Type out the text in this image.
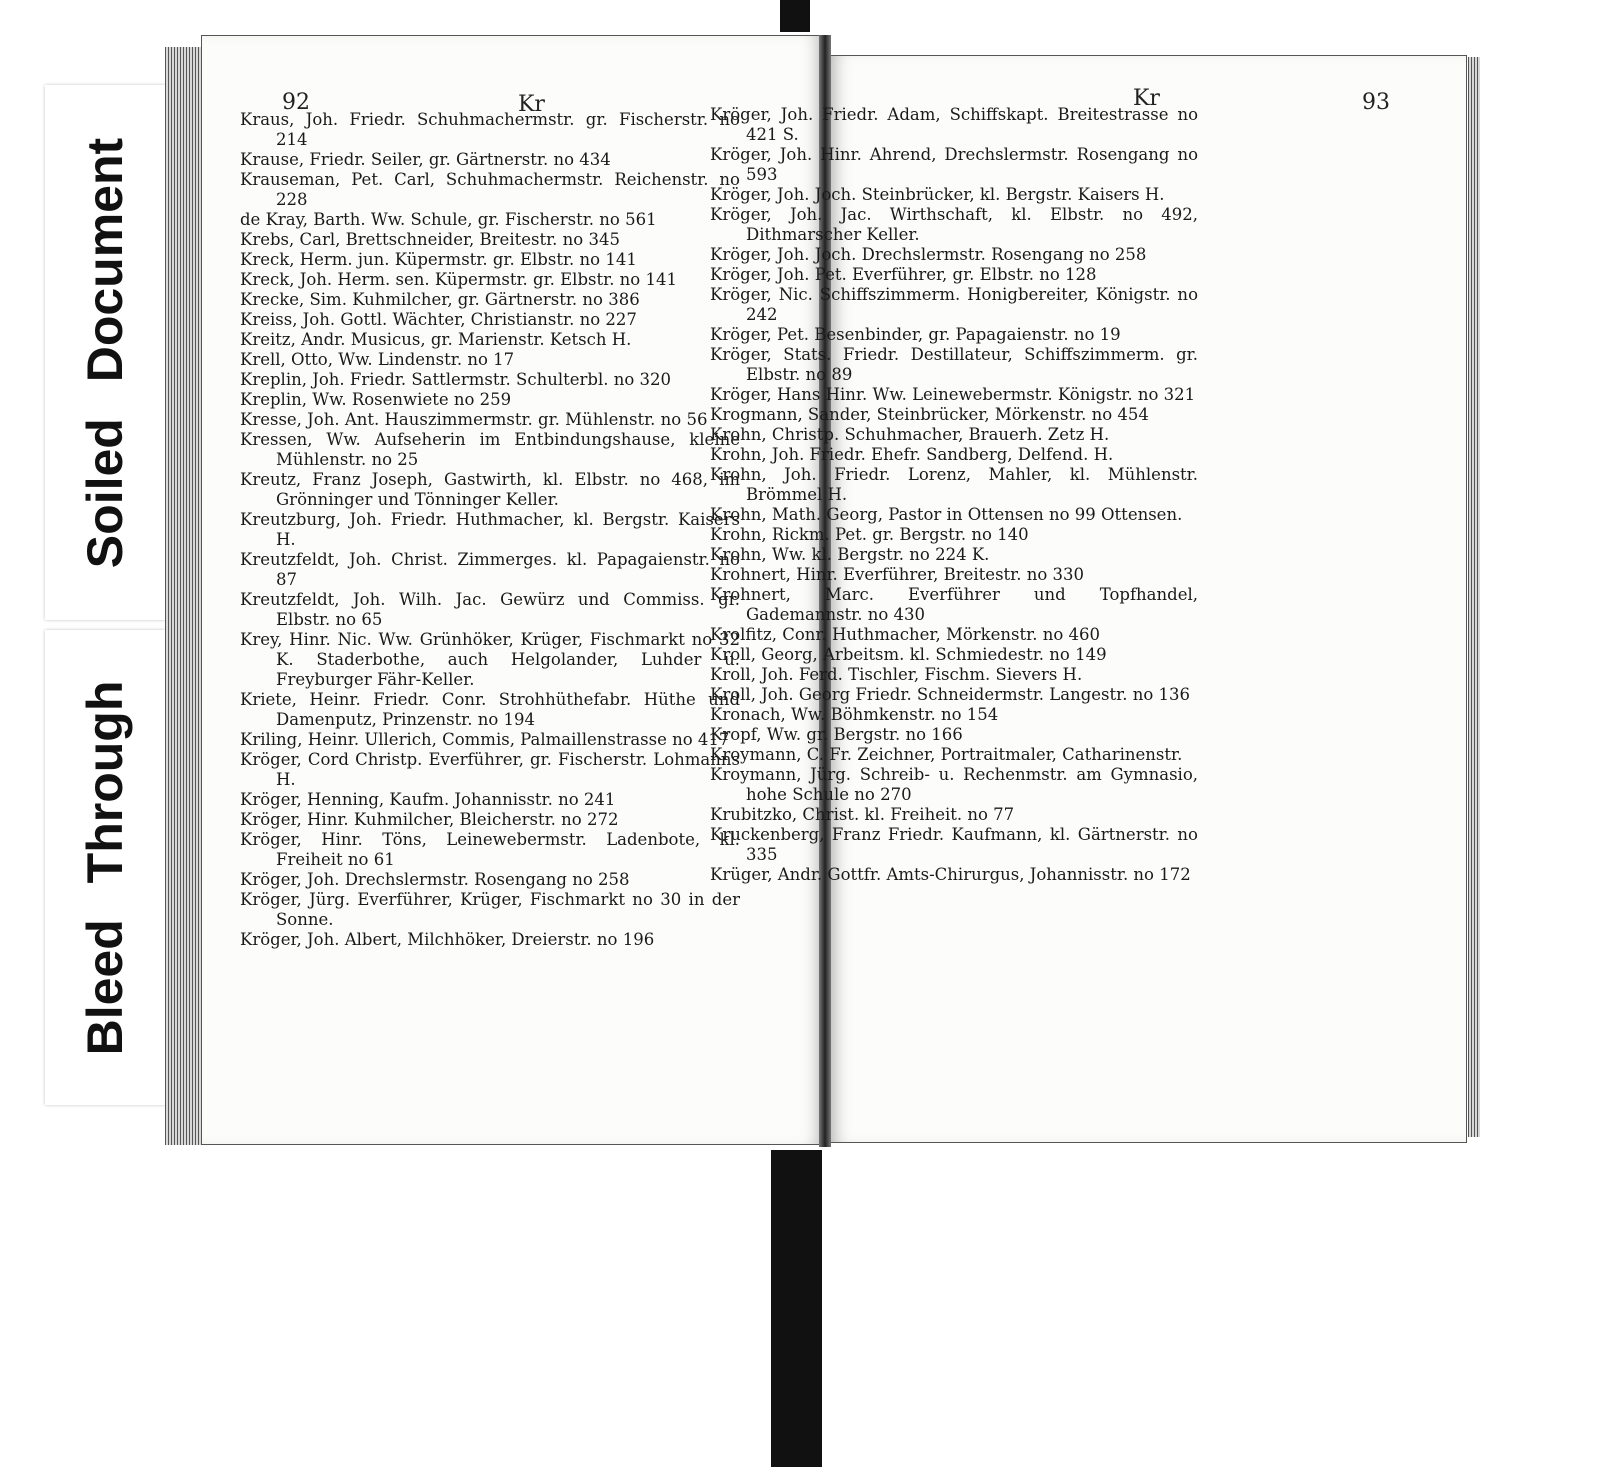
Soiled Document
Bleed Through
92	Kr	Kr	93
Kraus, Joh. Friedr. Schuhmachermstr. gr. Fischerstr. no 214
Krause, Friedr. Seiler, gr. Gärtnerstr. no 434
Krauseman, Pet. Carl, Schuhmachermstr. Reichenstr. no 228
de Kray, Barth. Ww. Schule, gr. Fischerstr. no 561
Krebs, Carl, Brettschneider, Breitestr. no 345
Kreck, Herm. jun. Küpermstr. gr. Elbstr. no 141
Kreck, Joh. Herm. sen. Küpermstr. gr. Elbstr. no 141
Krecke, Sim. Kuhmilcher, gr. Gärtnerstr. no 386
Kreiss, Joh. Gottl. Wächter, Christianstr. no 227
Kreitz, Andr. Musicus, gr. Marienstr. Ketsch H.
Krell, Otto, Ww. Lindenstr. no 17
Kreplin, Joh. Friedr. Sattlermstr. Schulterbl. no 320
Kreplin, Ww. Rosenwiete no 259
Kresse, Joh. Ant. Hauszimmermstr. gr. Mühlenstr. no 56
Kressen, Ww. Aufseherin im Entbindungshause, kleine Mühlenstr. no 25
Kreutz, Franz Joseph, Gastwirth, kl. Elbstr. no 468, im Grönninger und Tönninger Keller.
Kreutzburg, Joh. Friedr. Huthmacher, kl. Bergstr. Kaisers H.
Kreutzfeldt, Joh. Christ. Zimmerges. kl. Papagaienstr. no 87
Kreutzfeldt, Joh. Wilh. Jac. Gewürz und Commiss. gr. Elbstr. no 65
Krey, Hinr. Nic. Ww. Grünhöker, Krüger, Fischmarkt no 32 K. Staderbothe, auch Helgolander, Luhder u. Freyburger Fähr-Keller.
Kriete, Heinr. Friedr. Conr. Strohhüthefabr. Hüthe und Damenputz, Prinzenstr. no 194
Kriling, Heinr. Ullerich, Commis, Palmaillenstrasse no 417
Kröger, Cord Christp. Everführer, gr. Fischerstr. Lohmanns H.
Kröger, Henning, Kaufm. Johannisstr. no 241
Kröger, Hinr. Kuhmilcher, Bleicherstr. no 272
Kröger, Hinr. Töns, Leinewebermstr. Ladenbote, kl. Freiheit no 61
Kröger, Joh. Drechslermstr. Rosengang no 258
Kröger, Jürg. Everführer, Krüger, Fischmarkt no 30 in der Sonne.
Kröger, Joh. Albert, Milchhöker, Dreierstr. no 196
Kröger, Joh. Friedr. Adam, Schiffskapt. Breitestrasse no 421 S.
Kröger, Joh. Hinr. Ahrend, Drechslermstr. Rosengang no 593
Kröger, Joh. Joch. Steinbrücker, kl. Bergstr. Kaisers H.
Kröger, Joh. Jac. Wirthschaft, kl. Elbstr. no 492, Dithmarscher Keller.
Kröger, Joh. Joch. Drechslermstr. Rosengang no 258
Kröger, Joh. Pet. Everführer, gr. Elbstr. no 128
Kröger, Nic. Schiffszimmerm. Honigbereiter, Königstr. no 242
Kröger, Pet. Besenbinder, gr. Papagaienstr. no 19
Kröger, Stats. Friedr. Destillateur, Schiffszimmerm. gr. Elbstr. no 89
Kröger, Hans Hinr. Ww. Leinewebermstr. Königstr. no 321
Krogmann, Sander, Steinbrücker, Mörkenstr. no 454
Krohn, Christp. Schuhmacher, Brauerh. Zetz H.
Krohn, Joh. Friedr. Ehefr. Sandberg, Delfend. H.
Krohn, Joh. Friedr. Lorenz, Mahler, kl. Mühlenstr. Brömmel H.
Krohn, Math. Georg, Pastor in Ottensen no 99 Ottensen.
Krohn, Rickm. Pet. gr. Bergstr. no 140
Krohn, Ww. kl. Bergstr. no 224 K.
Krohnert, Hinr. Everführer, Breitestr. no 330
Krohnert, Marc. Everführer und Topfhandel, Gademannstr. no 430
Krolfitz, Conr. Huthmacher, Mörkenstr. no 460
Kroll, Georg, Arbeitsm. kl. Schmiedestr. no 149
Kroll, Joh. Ferd. Tischler, Fischm. Sievers H.
Kroll, Joh. Georg Friedr. Schneidermstr. Langestr. no 136
Kronach, Ww. Böhmkenstr. no 154
Kropf, Ww. gr. Bergstr. no 166
Kroymann, C. Fr. Zeichner, Portraitmaler, Catharinenstr.
Kroymann, Jürg. Schreib- u. Rechenmstr. am Gymnasio, hohe Schule no 270
Krubitzko, Christ. kl. Freiheit. no 77
Kruckenberg, Franz Friedr. Kaufmann, kl. Gärtnerstr. no 335
Krüger, Andr. Gottfr. Amts-Chirurgus, Johannisstr. no 172
